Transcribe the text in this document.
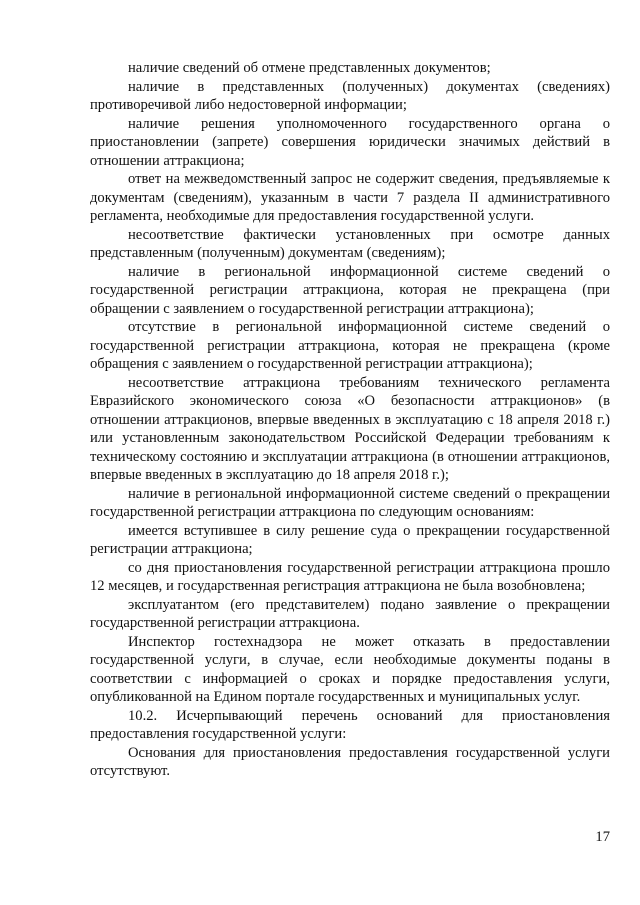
наличие сведений об отмене представленных документов;

наличие в представленных (полученных) документах (сведениях) противоречивой либо недостоверной информации;

наличие решения уполномоченного государственного органа о приостановлении (запрете) совершения юридически значимых действий в отношении аттракциона;

ответ на межведомственный запрос не содержит сведения, предъявляемые к документам (сведениям), указанным в части 7 раздела II административного регламента, необходимые для предоставления государственной услуги.

несоответствие фактически установленных при осмотре данных представленным (полученным) документам (сведениям);

наличие в региональной информационной системе сведений о государственной регистрации аттракциона, которая не прекращена (при обращении с заявлением о государственной регистрации аттракциона);

отсутствие в региональной информационной системе сведений о государственной регистрации аттракциона, которая не прекращена (кроме обращения с заявлением о государственной регистрации аттракциона);

несоответствие аттракциона требованиям технического регламента Евразийского экономического союза «О безопасности аттракционов» (в отношении аттракционов, впервые введенных в эксплуатацию с 18 апреля 2018 г.) или установленным законодательством Российской Федерации требованиям к техническому состоянию и эксплуатации аттракциона (в отношении аттракционов, впервые введенных в эксплуатацию до 18 апреля 2018 г.);

наличие в региональной информационной системе сведений о прекращении государственной регистрации аттракциона по следующим основаниям:

имеется вступившее в силу решение суда о прекращении государственной регистрации аттракциона;

со дня приостановления государственной регистрации аттракциона прошло 12 месяцев, и государственная регистрация аттракциона не была возобновлена;

эксплуатантом (его представителем) подано заявление о прекращении государственной регистрации аттракциона.

Инспектор гостехнадзора не может отказать в предоставлении государственной услуги, в случае, если необходимые документы поданы в соответствии с информацией о сроках и порядке предоставления услуги, опубликованной на Едином портале государственных и муниципальных услуг.

10.2. Исчерпывающий перечень оснований для приостановления предоставления государственной услуги:

Основания для приостановления предоставления государственной услуги отсутствуют.

17
